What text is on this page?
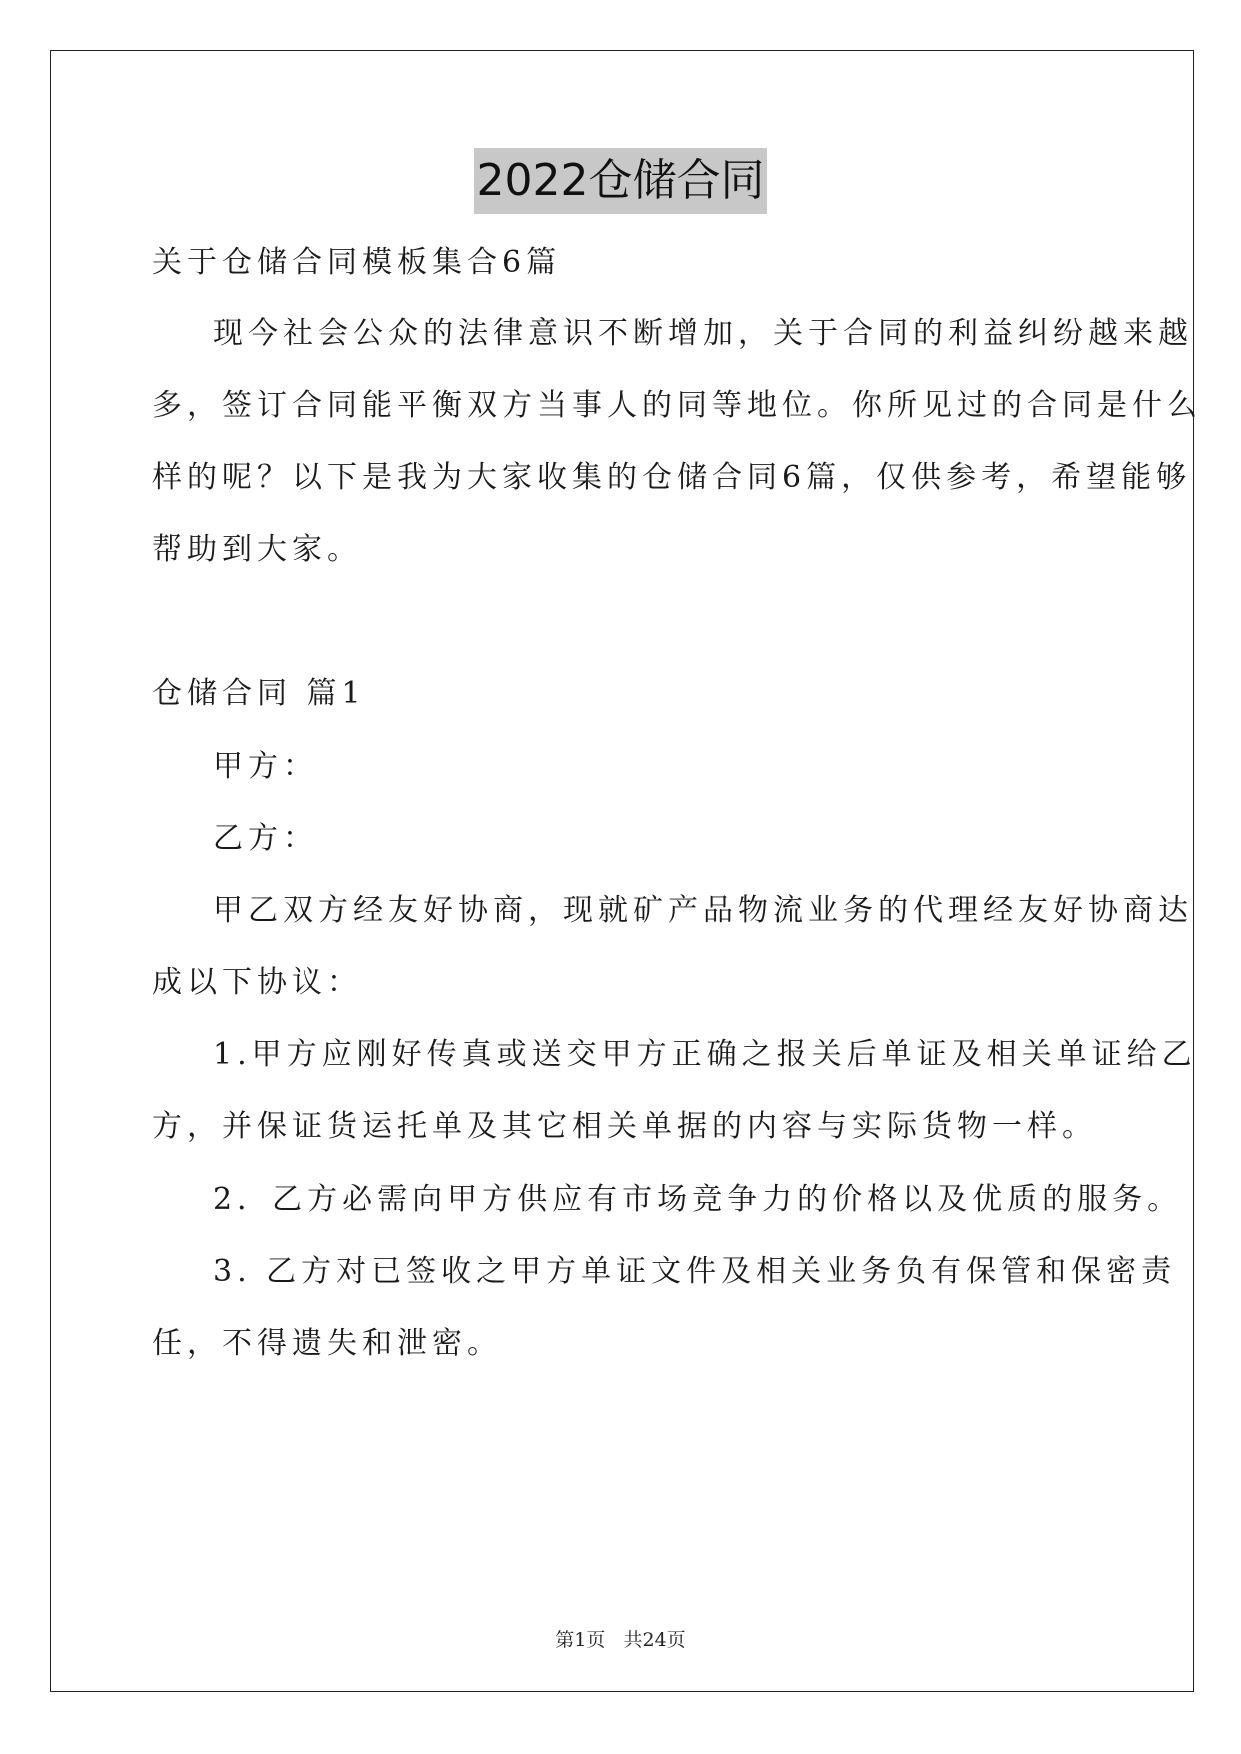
2022仓储合同
关于仓储合同模板集合6篇
现今社会公众的法律意识不断增加，关于合同的利益纠纷越来越
多，签订合同能平衡双方当事人的同等地位。你所见过的合同是什么
样的呢？以下是我为大家收集的仓储合同6篇，仅供参考，希望能够
帮助到大家。
仓储合同 篇1
甲方：
乙方：
甲乙双方经友好协商，现就矿产品物流业务的代理经友好协商达
成以下协议：
1.甲方应刚好传真或送交甲方正确之报关后单证及相关单证给乙
方，并保证货运托单及其它相关单据的内容与实际货物一样。
2．乙方必需向甲方供应有市场竞争力的价格以及优质的服务。
3. 乙方对已签收之甲方单证文件及相关业务负有保管和保密责
任，不得遗失和泄密。
第1页   共24页
